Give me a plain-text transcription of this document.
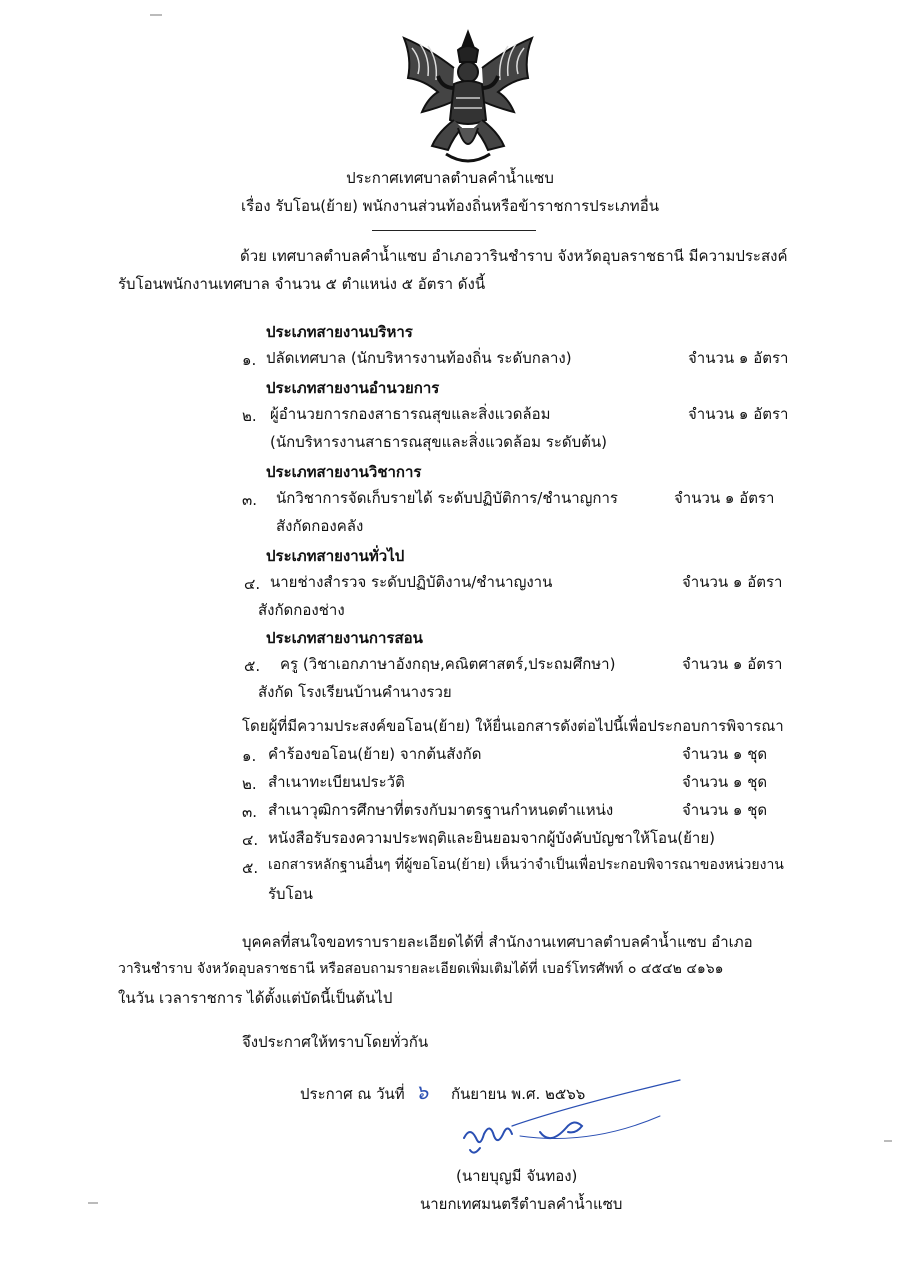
ประกาศเทศบาลตำบลคำน้ำแซบ
เรื่อง รับโอน(ย้าย) พนักงานส่วนท้องถิ่นหรือข้าราชการประเภทอื่น
ด้วย เทศบาลตำบลคำน้ำแซบ อำเภอวารินชำราบ จังหวัดอุบลราชธานี มีความประสงค์
รับโอนพนักงานเทศบาล จำนวน ๕ ตำแหน่ง ๕ อัตรา ดังนี้
ประเภทสายงานบริหาร
๑. ปลัดเทศบาล (นักบริหารงานท้องถิ่น ระดับกลาง)	จำนวน ๑ อัตรา
ประเภทสายงานอำนวยการ
๒. ผู้อำนวยการกองสาธารณสุขและสิ่งแวดล้อม	จำนวน ๑ อัตรา
(นักบริหารงานสาธารณสุขและสิ่งแวดล้อม ระดับต้น)
ประเภทสายงานวิชาการ
๓. นักวิชาการจัดเก็บรายได้ ระดับปฏิบัติการ/ชำนาญการ	จำนวน ๑ อัตรา
สังกัดกองคลัง
ประเภทสายงานทั่วไป
๔. นายช่างสำรวจ ระดับปฏิบัติงาน/ชำนาญงาน	จำนวน ๑ อัตรา
สังกัดกองช่าง
ประเภทสายงานการสอน
๕. ครู (วิชาเอกภาษาอังกฤษ,คณิตศาสตร์,ประถมศึกษา)	จำนวน ๑ อัตรา
สังกัด โรงเรียนบ้านคำนางรวย
โดยผู้ที่มีความประสงค์ขอโอน(ย้าย) ให้ยื่นเอกสารดังต่อไปนี้เพื่อประกอบการพิจารณา
๑. คำร้องขอโอน(ย้าย) จากต้นสังกัด	จำนวน ๑ ชุด
๒. สำเนาทะเบียนประวัติ	จำนวน ๑ ชุด
๓. สำเนาวุฒิการศึกษาที่ตรงกับมาตรฐานกำหนดตำแหน่ง	จำนวน ๑ ชุด
๔. หนังสือรับรองความประพฤติและยินยอมจากผู้บังคับบัญชาให้โอน(ย้าย)
๕. เอกสารหลักฐานอื่นๆ ที่ผู้ขอโอน(ย้าย) เห็นว่าจำเป็นเพื่อประกอบพิจารณาของหน่วยงาน
รับโอน
บุคคลที่สนใจขอทราบรายละเอียดได้ที่ สำนักงานเทศบาลตำบลคำน้ำแซบ อำเภอ
วารินชำราบ จังหวัดอุบลราชธานี หรือสอบถามรายละเอียดเพิ่มเติมได้ที่ เบอร์โทรศัพท์ ๐ ๔๕๔๒ ๔๑๖๑
ในวัน เวลาราชการ ได้ตั้งแต่บัดนี้เป็นต้นไป
จึงประกาศให้ทราบโดยทั่วกัน
ประกาศ ณ วันที่ ๖ กันยายน พ.ศ. ๒๕๖๖
(นายบุญมี จันทอง)
นายกเทศมนตรีตำบลคำน้ำแซบ
